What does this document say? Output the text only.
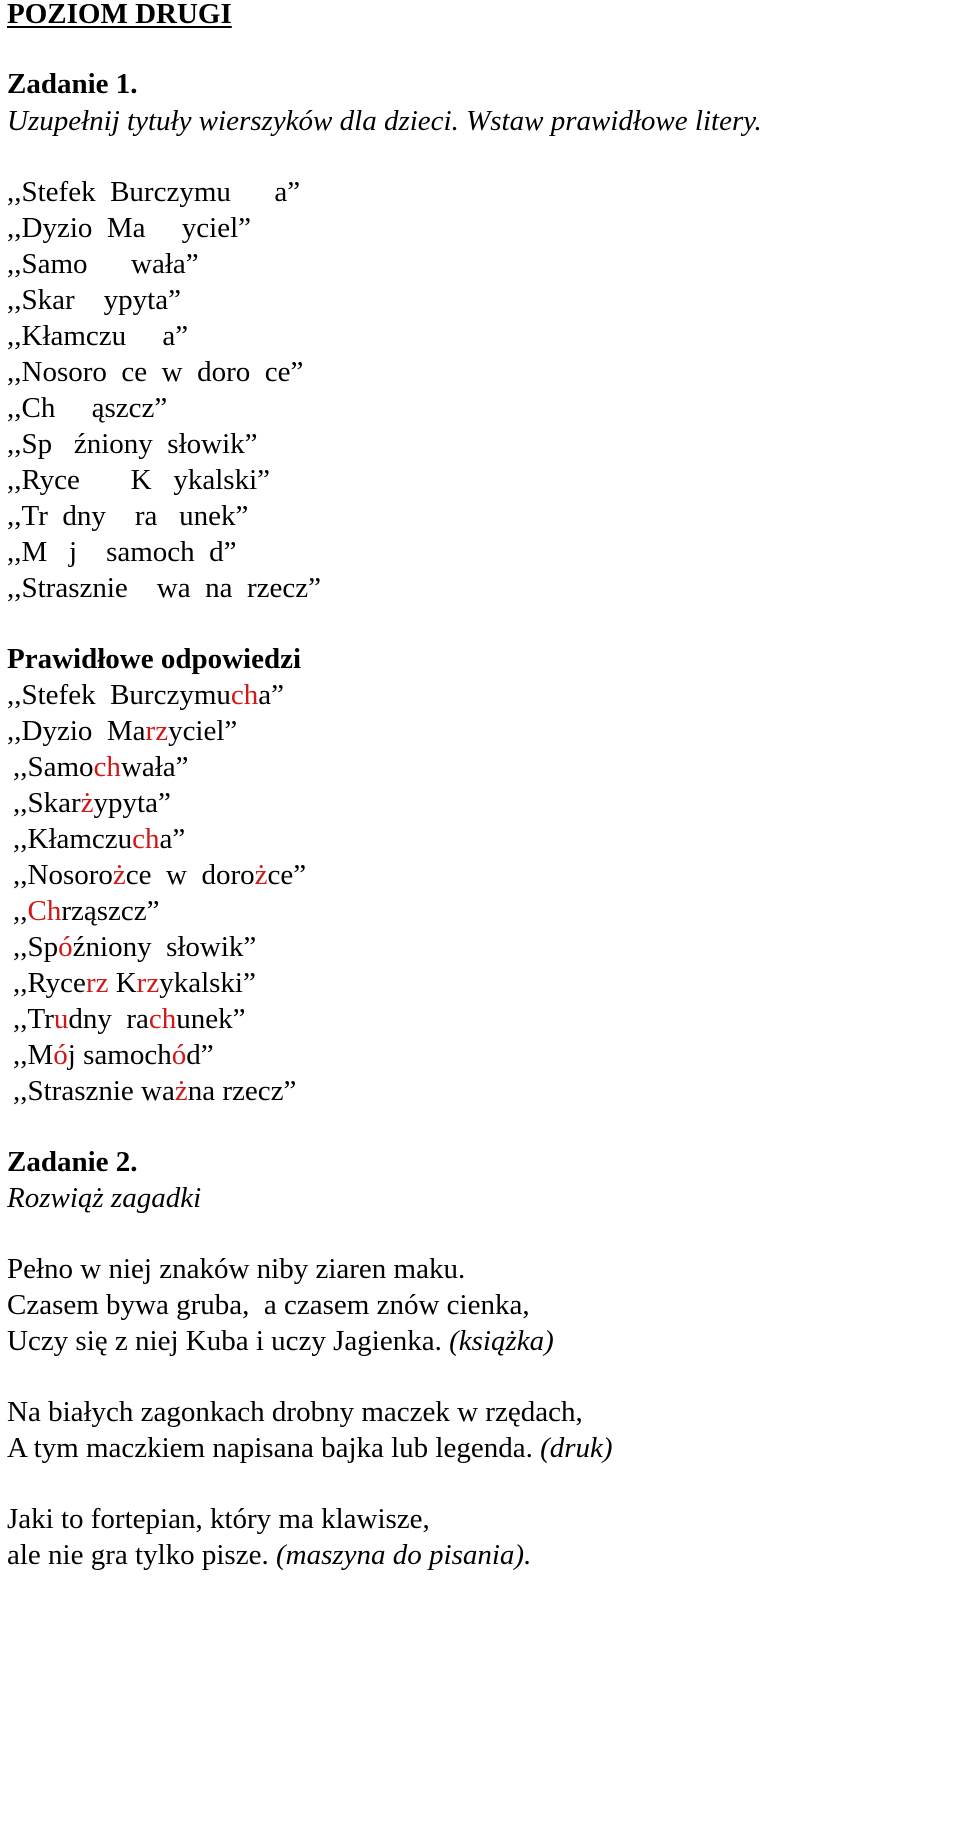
POZIOM DRUGI
Zadanie 1.
Uzupełnij tytuły wierszyków dla dzieci. Wstaw prawidłowe litery.
,,Stefek  Burczymu      a”
,,Dyzio  Ma     yciel”
,,Samo      wała”
,,Skar    ypyta”
,,Kłamczu     a”
,,Nosoro  ce  w  doro  ce”
,,Ch     ąszcz”
,,Sp   źniony  słowik”
,,Ryce       K   ykalski”
,,Tr  dny    ra   unek”
,,M   j    samoch  d”
,,Strasznie    wa  na  rzecz”
Prawidłowe odpowiedzi
,,Stefek  Burczymucha”
,,Dyzio  Marzyciel”
,,Samochwała”
,,Skarżypyta”
,,Kłamczucha”
,,Nosorożce  w  dorożce”
,,Chrząszcz”
,,Spóźniony  słowik”
,,Rycerz Krzykalski”
,,Trudny  rachunek”
,,Mój samochód”
,,Strasznie ważna rzecz”
Zadanie 2.
Rozwiąż zagadki
Pełno w niej znaków niby ziaren maku.
Czasem bywa gruba,  a czasem znów cienka,
Uczy się z niej Kuba i uczy Jagienka. (książka)
Na białych zagonkach drobny maczek w rzędach,
A tym maczkiem napisana bajka lub legenda. (druk)
Jaki to fortepian, który ma klawisze,
ale nie gra tylko pisze. (maszyna do pisania).
